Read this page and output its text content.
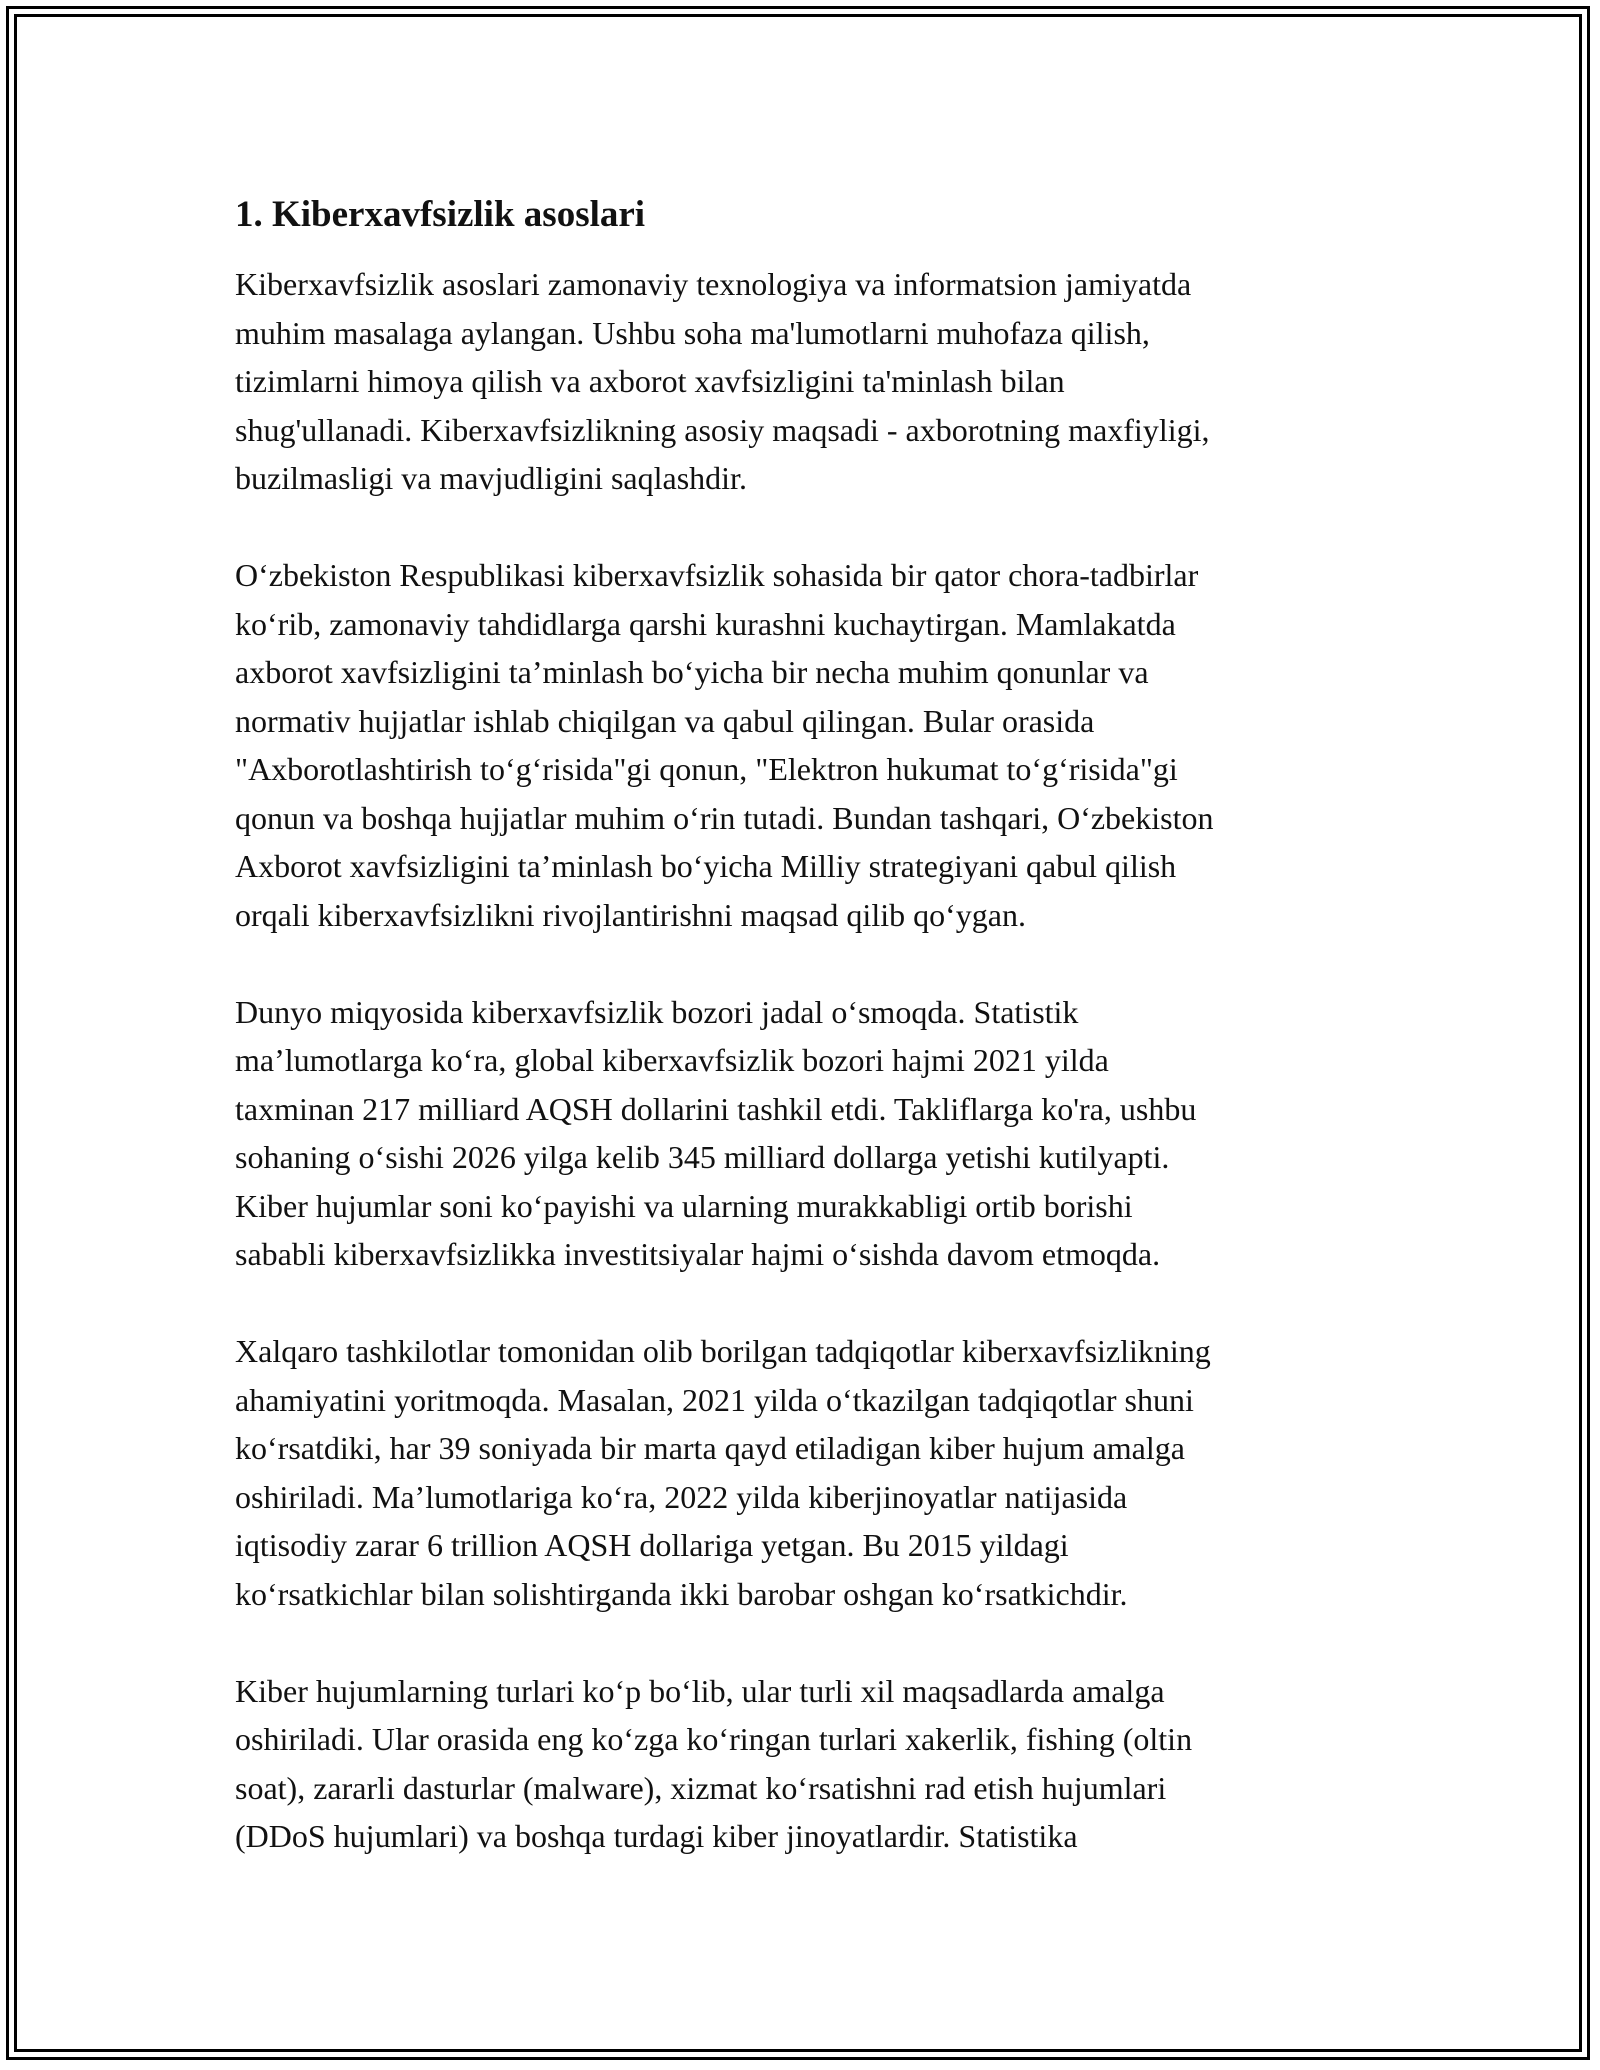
1. Kiberxavfsizlik asoslari

Kiberxavfsizlik asoslari zamonaviy texnologiya va informatsion jamiyatda
muhim masalaga aylangan. Ushbu soha ma'lumotlarni muhofaza qilish,
tizimlarni himoya qilish va axborot xavfsizligini ta'minlash bilan
shug'ullanadi. Kiberxavfsizlikning asosiy maqsadi - axborotning maxfiyligi,
buzilmasligi va mavjudligini saqlashdir.

O‘zbekiston Respublikasi kiberxavfsizlik sohasida bir qator chora-tadbirlar
ko‘rib, zamonaviy tahdidlarga qarshi kurashni kuchaytirgan. Mamlakatda
axborot xavfsizligini ta’minlash bo‘yicha bir necha muhim qonunlar va
normativ hujjatlar ishlab chiqilgan va qabul qilingan. Bular orasida
"Axborotlashtirish to‘g‘risida"gi qonun, "Elektron hukumat to‘g‘risida"gi
qonun va boshqa hujjatlar muhim o‘rin tutadi. Bundan tashqari, O‘zbekiston
Axborot xavfsizligini ta’minlash bo‘yicha Milliy strategiyani qabul qilish
orqali kiberxavfsizlikni rivojlantirishni maqsad qilib qo‘ygan.

Dunyo miqyosida kiberxavfsizlik bozori jadal o‘smoqda. Statistik
ma’lumotlarga ko‘ra, global kiberxavfsizlik bozori hajmi 2021 yilda
taxminan 217 milliard AQSH dollarini tashkil etdi. Takliflarga ko'ra, ushbu
sohaning o‘sishi 2026 yilga kelib 345 milliard dollarga yetishi kutilyapti.
Kiber hujumlar soni ko‘payishi va ularning murakkabligi ortib borishi
sababli kiberxavfsizlikka investitsiyalar hajmi o‘sishda davom etmoqda.

Xalqaro tashkilotlar tomonidan olib borilgan tadqiqotlar kiberxavfsizlikning
ahamiyatini yoritmoqda. Masalan, 2021 yilda o‘tkazilgan tadqiqotlar shuni
ko‘rsatdiki, har 39 soniyada bir marta qayd etiladigan kiber hujum amalga
oshiriladi. Ma’lumotlariga ko‘ra, 2022 yilda kiberjinoyatlar natijasida
iqtisodiy zarar 6 trillion AQSH dollariga yetgan. Bu 2015 yildagi
ko‘rsatkichlar bilan solishtirganda ikki barobar oshgan ko‘rsatkichdir.

Kiber hujumlarning turlari ko‘p bo‘lib, ular turli xil maqsadlarda amalga
oshiriladi. Ular orasida eng ko‘zga ko‘ringan turlari xakerlik, fishing (oltin
soat), zararli dasturlar (malware), xizmat ko‘rsatishni rad etish hujumlari
(DDoS hujumlari) va boshqa turdagi kiber jinoyatlardir. Statistika
